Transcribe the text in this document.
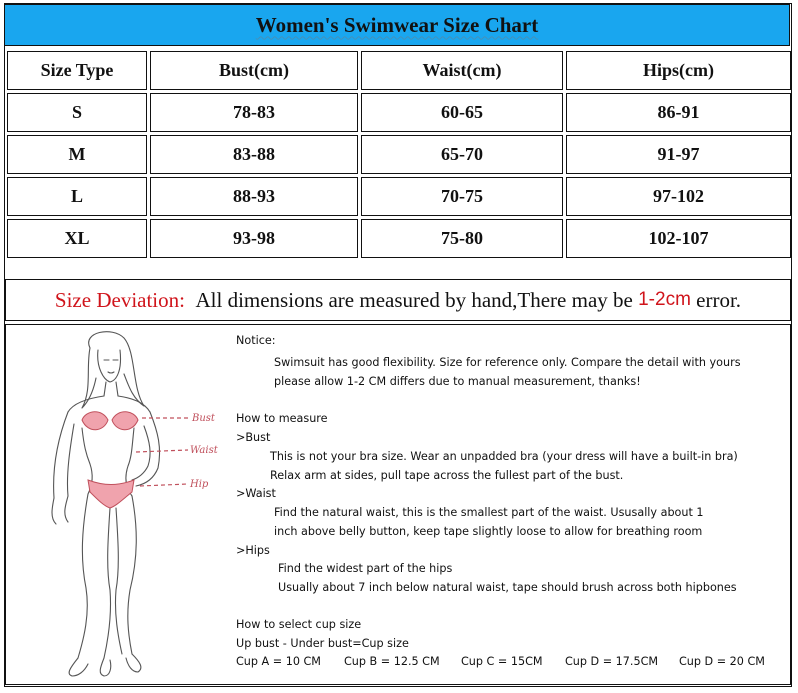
Women's Swimwear Size Chart
Size Type	Bust(cm)	Waist(cm)	Hips(cm)
S	78-83	60-65	86-91
M	83-88	65-70	91-97
L	88-93	70-75	97-102
XL	93-98	75-80	102-107
Size Deviation:
All dimensions are measured by hand,There may be
1-2cm
error.
Bust
Waist
Hip
Notice:
Swimsuit has good flexibility. Size for reference only. Compare the detail with yours
please allow 1-2 CM differs due to manual measurement, thanks!
How to measure
>Bust
This is not your bra size. Wear an unpadded bra (your dress will have a built-in bra)
Relax arm at sides, pull tape across the fullest part of the bust.
>Waist
Find the natural waist, this is the smallest part of the waist. Ususally about 1
inch above belly button, keep tape slightly loose to allow for breathing room
>Hips
Find the widest part of the hips
Usually about 7 inch below natural waist, tape should brush across both hipbones
How to select cup size
Up bust - Under bust=Cup size
Cup A = 10 CM Cup B = 12.5 CM Cup C = 15CM Cup D = 17.5CM Cup D = 20 CM
